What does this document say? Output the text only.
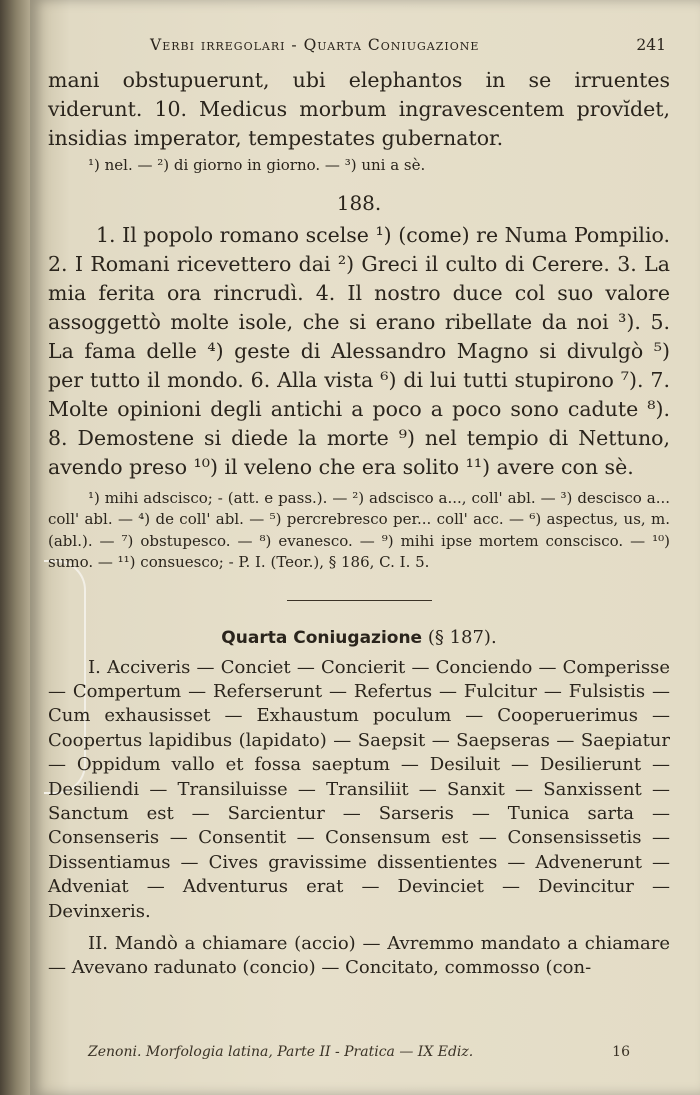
Verbi irregolari - Quarta Coniugazione	241

mani obstupuerunt, ubi elephantos in se irruentes viderunt. 10. Medicus morbum ingravescentem provĭdet, insidias imperator, tempestates gubernator.

¹) nel. — ²) di giorno in giorno. — ³) uni a sè.

188.

1. Il popolo romano scelse ¹) (come) re Numa Pompilio. 2. I Romani ricevettero dai ²) Greci il culto di Cerere. 3. La mia ferita ora rincrudì. 4. Il nostro duce col suo valore assoggettò molte isole, che si erano ribellate da noi ³). 5. La fama delle ⁴) geste di Alessandro Magno si divulgò ⁵) per tutto il mondo. 6. Alla vista ⁶) di lui tutti stupirono ⁷). 7. Molte opinioni degli antichi a poco a poco sono cadute ⁸). 8. Demostene si diede la morte ⁹) nel tempio di Nettuno, avendo preso ¹⁰) il veleno che era solito ¹¹) avere con sè.

¹) mihi adscisco; - (att. e pass.). — ²) adscisco a..., coll' abl. — ³) descisco a... coll' abl. — ⁴) de coll' abl. — ⁵) percrebresco per... coll' acc. — ⁶) aspectus, us, m. (abl.). — ⁷) obstupesco. — ⁸) evanesco. — ⁹) mihi ipse mortem conscisco. — ¹⁰) sumo. — ¹¹) consuesco; - P. I. (Teor.), § 186, C. I. 5.

Quarta Coniugazione (§ 187).

I. Acciveris — Conciet — Concierit — Conciendo — Comperisse — Compertum — Referserunt — Refertus — Fulcitur — Fulsistis — Cum exhausisset — Exhaustum poculum — Cooperuerimus — Coopertus lapidibus (lapidato) — Saepsit — Saepseras — Saepiatur — Oppidum vallo et fossa saeptum — Desiluit — Desilierunt — Desiliendi — Transiluisse — Transiliit — Sanxit — Sanxissent — Sanctum est — Sarcientur — Sarseris — Tunica sarta — Consenseris — Consentit — Consensum est — Consensissetis — Dissentiamus — Cives gravissime dissentientes — Advenerunt — Adveniat — Adventurus erat — Devinciet — Devincitur — Devinxeris.

II. Mandò a chiamare (accio) — Avremmo mandato a chiamare — Avevano radunato (concio) — Concitato, commosso (con-

Zenoni. Morfologia latina, Parte II - Pratica — IX Ediz.	16
